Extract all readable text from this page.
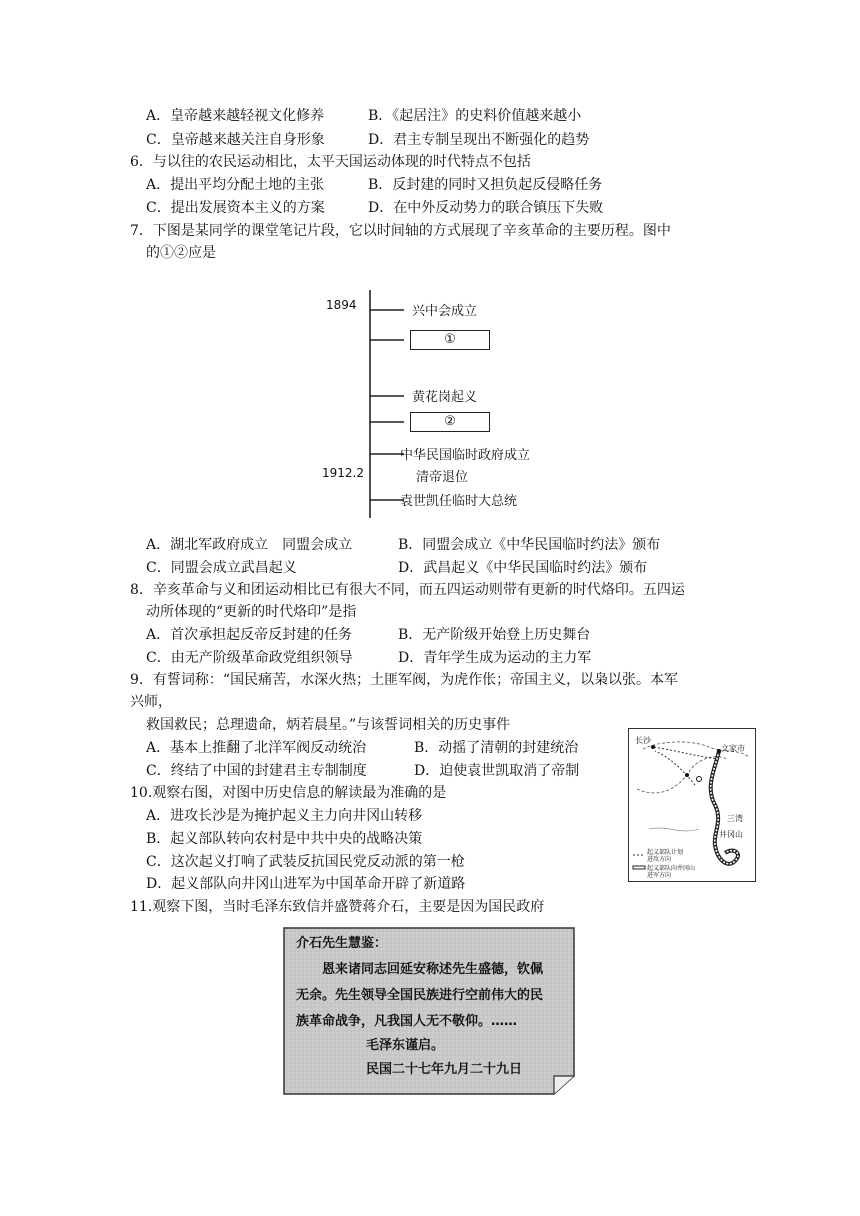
A．皇帝越来越轻视文化修养	B．《起居注》的史料价值越来越小
C．皇帝越来越关注自身形象	D．君主专制呈现出不断强化的趋势
6．与以往的农民运动相比，太平天国运动体现的时代特点不包括
A．提出平均分配土地的主张	B．反封建的同时又担负起反侵略任务
C．提出发展资本主义的方案	D．在中外反动势力的联合镇压下失败
7．下图是某同学的课堂笔记片段，它以时间轴的方式展现了辛亥革命的主要历程。图中
的①②应是
1894
1912.2
兴中会成立
①
黄花岗起义
②
中华民国临时政府成立
清帝退位
袁世凯任临时大总统
A．湖北军政府成立　同盟会成立	B．同盟会成立《中华民国临时约法》颁布
C．同盟会成立武昌起义	D．武昌起义《中华民国临时约法》颁布
8．辛亥革命与义和团运动相比已有很大不同，而五四运动则带有更新的时代烙印。五四运
动所体现的“更新的时代烙印”是指
A．首次承担起反帝反封建的任务	B．无产阶级开始登上历史舞台
C．由无产阶级革命政党组织领导	D．青年学生成为运动的主力军
9．有誓词称：“国民痛苦，水深火热；土匪军阀，为虎作伥；帝国主义，以枭以张。本军
兴师，
救国救民；总理遗命，炳若晨星。”与该誓词相关的历史事件
A．基本上推翻了北洋军阀反动统治	B．动摇了清朝的封建统治
C．终结了中国的封建君主专制制度	D．迫使袁世凯取消了帝制
10.观察右图，对图中历史信息的解读最为准确的是
A．进攻长沙是为掩护起义主力向井冈山转移
B．起义部队转向农村是中共中央的战略决策
C．这次起义打响了武装反抗国民党反动派的第一枪
D．起义部队向井冈山进军为中国革命开辟了新道路
长沙
文家市
三湾
井冈山
起义部队计划
进攻方向
起义部队向井冈山
进军方向
11.观察下图，当时毛泽东致信并盛赞蒋介石，主要是因为国民政府
介石先生慧鉴：
恩来诸同志回延安称述先生盛德，钦佩
无余。先生领导全国民族进行空前伟大的民
族革命战争，凡我国人无不敬仰。……
毛泽东谨启。
民国二十七年九月二十九日
